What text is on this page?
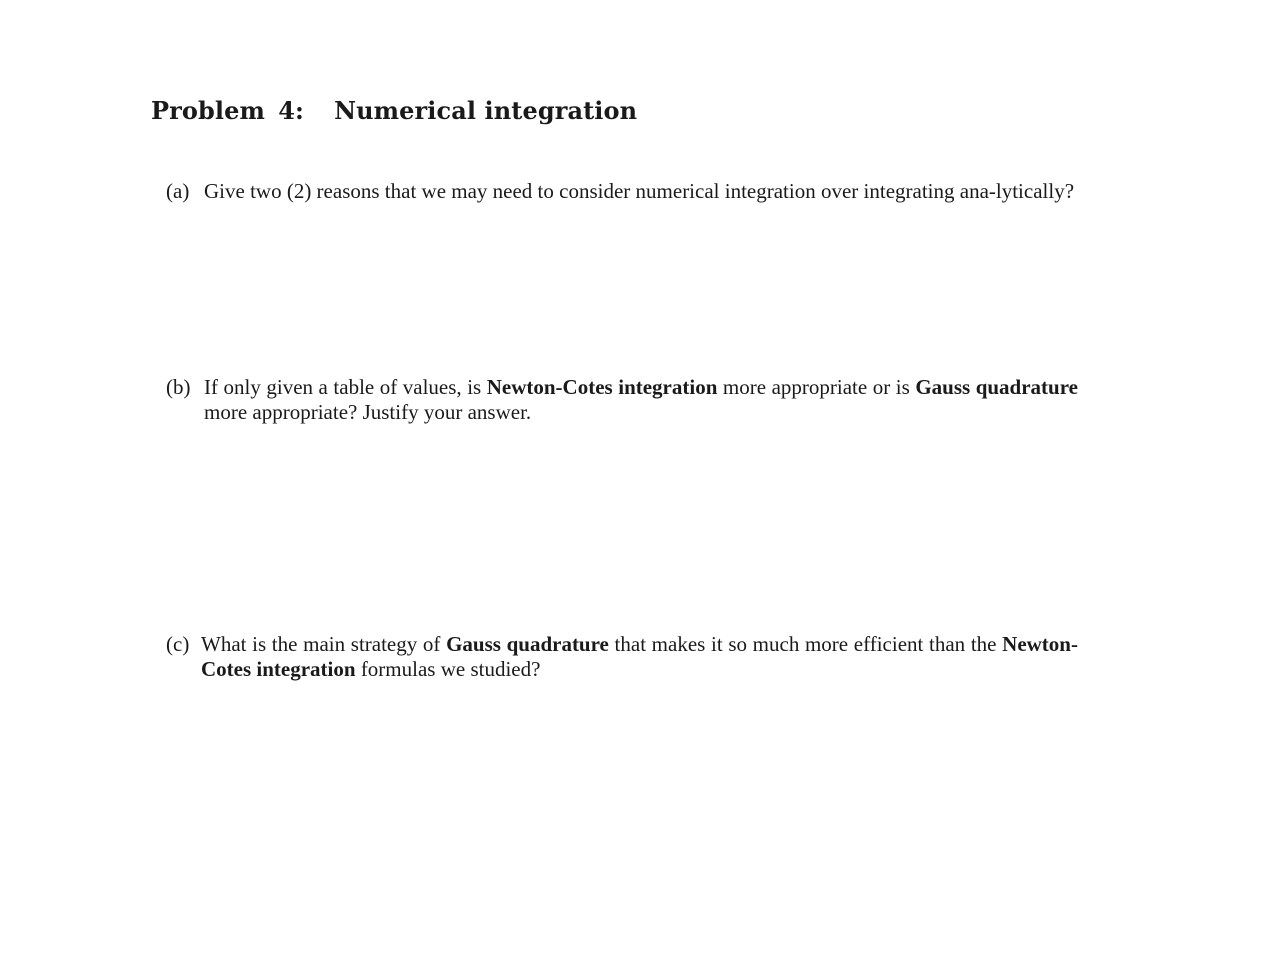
Problem 4: Numerical integration
(a) Give two (2) reasons that we may need to consider numerical integration over integrating ana-lytically?
(b) If only given a table of values, is Newton-Cotes integration more appropriate or is Gauss quadrature more appropriate? Justify your answer.
(c) What is the main strategy of Gauss quadrature that makes it so much more efficient than the Newton-Cotes integration formulas we studied?
